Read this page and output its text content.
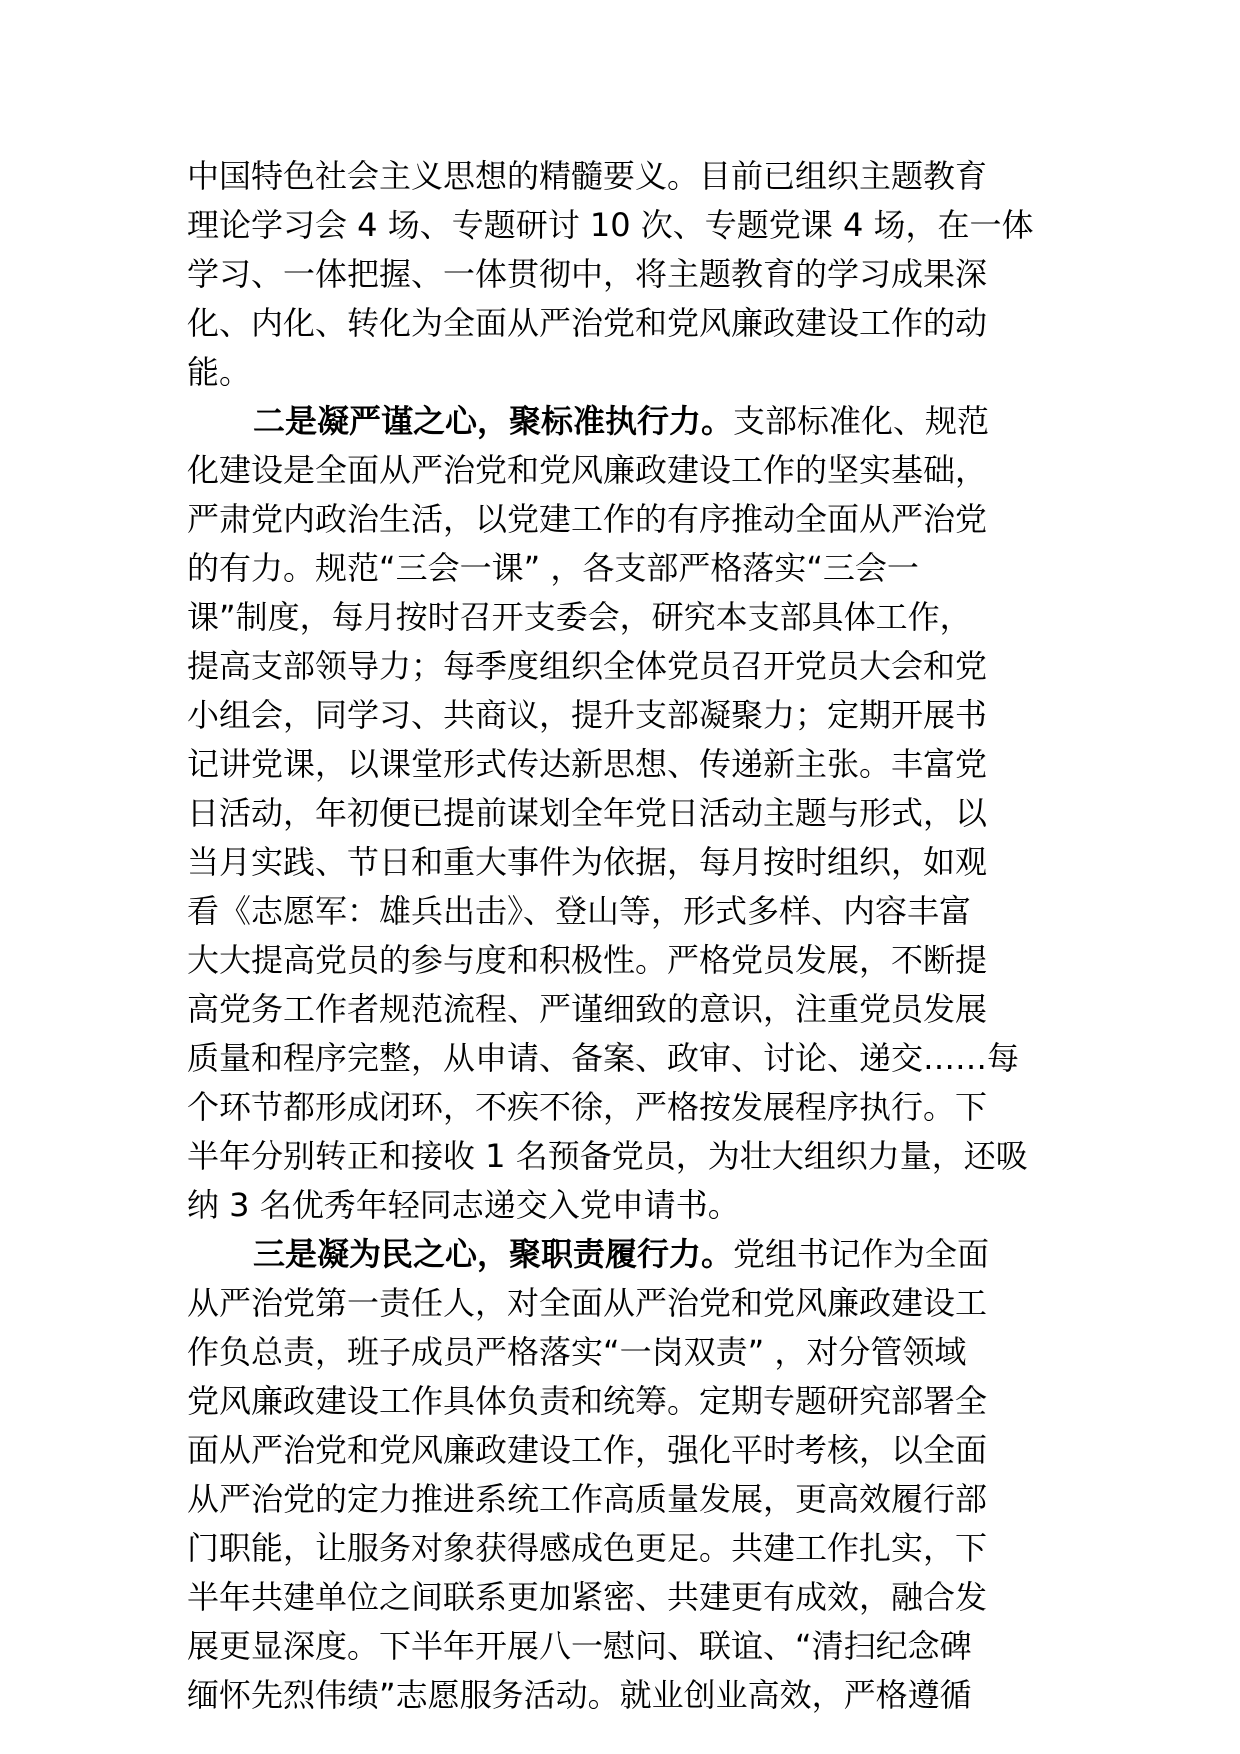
中国特色社会主义思想的精髓要义。目前已组织主题教育
理论学习会 4 场、专题研讨 10 次、专题党课 4 场，在一体
学习、一体把握、一体贯彻中，将主题教育的学习成果深
化、内化、转化为全面从严治党和党风廉政建设工作的动
能。
二是凝严谨之心，聚标准执行力。支部标准化、规范
化建设是全面从严治党和党风廉政建设工作的坚实基础，
严肃党内政治生活，以党建工作的有序推动全面从严治党
的有力。规范“三会一课” ，各支部严格落实“三会一
课”制度，每月按时召开支委会，研究本支部具体工作，
提高支部领导力；每季度组织全体党员召开党员大会和党
小组会，同学习、共商议，提升支部凝聚力；定期开展书
记讲党课，以课堂形式传达新思想、传递新主张。丰富党
日活动，年初便已提前谋划全年党日活动主题与形式，以
当月实践、节日和重大事件为依据，每月按时组织，如观
看《志愿军：雄兵出击》、登山等，形式多样、内容丰富
大大提高党员的参与度和积极性。严格党员发展，不断提
高党务工作者规范流程、严谨细致的意识，注重党员发展
质量和程序完整，从申请、备案、政审、讨论、递交……每
个环节都形成闭环，不疾不徐，严格按发展程序执行。下
半年分别转正和接收 1 名预备党员，为壮大组织力量，还吸
纳 3 名优秀年轻同志递交入党申请书。
三是凝为民之心，聚职责履行力。党组书记作为全面
从严治党第一责任人，对全面从严治党和党风廉政建设工
作负总责，班子成员严格落实“一岗双责” ，对分管领域
党风廉政建设工作具体负责和统筹。定期专题研究部署全
面从严治党和党风廉政建设工作，强化平时考核，以全面
从严治党的定力推进系统工作高质量发展，更高效履行部
门职能，让服务对象获得感成色更足。共建工作扎实，下
半年共建单位之间联系更加紧密、共建更有成效，融合发
展更显深度。下半年开展八一慰问、联谊、“清扫纪念碑
缅怀先烈伟绩”志愿服务活动。就业创业高效，严格遵循
